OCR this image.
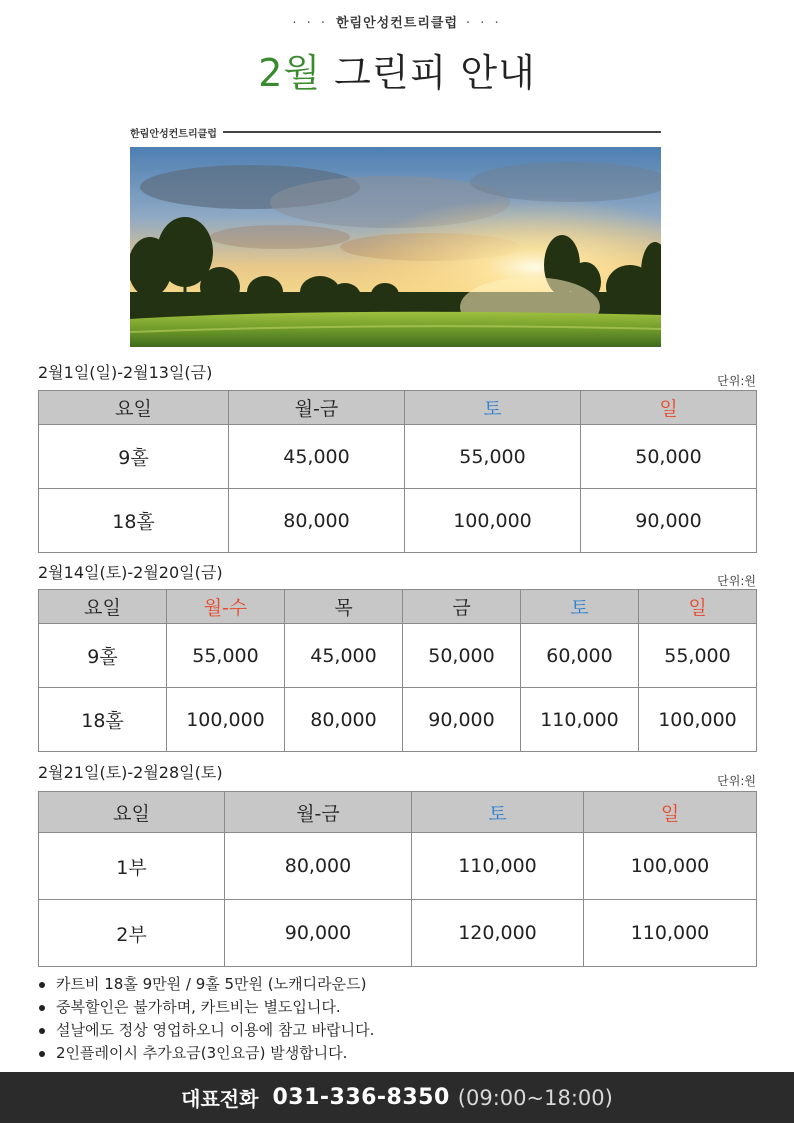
· · · 한림안성컨트리클럽 · · ·
2월 그린피 안내
한림안성컨트리클럽
2월1일(일)-2월13일(금)	단위:원
요일	월-금	토	일
9홀	45,000	55,000	50,000
18홀	80,000	100,000	90,000
2월14일(토)-2월20일(금)	단위:원
요일	월-수	목	금	토	일
9홀	55,000	45,000	50,000	60,000	55,000
18홀	100,000	80,000	90,000	110,000	100,000
2월21일(토)-2월28일(토)	단위:원
요일	월-금	토	일
1부	80,000	110,000	100,000
2부	90,000	120,000	110,000
카트비 18홀 9만원 / 9홀 5만원 (노캐디라운드)
중복할인은 불가하며, 카트비는 별도입니다.
설날에도 정상 영업하오니 이용에 참고 바랍니다.
2인플레이시 추가요금(3인요금) 발생합니다.
대표전화 031-336-8350 (09:00~18:00)
